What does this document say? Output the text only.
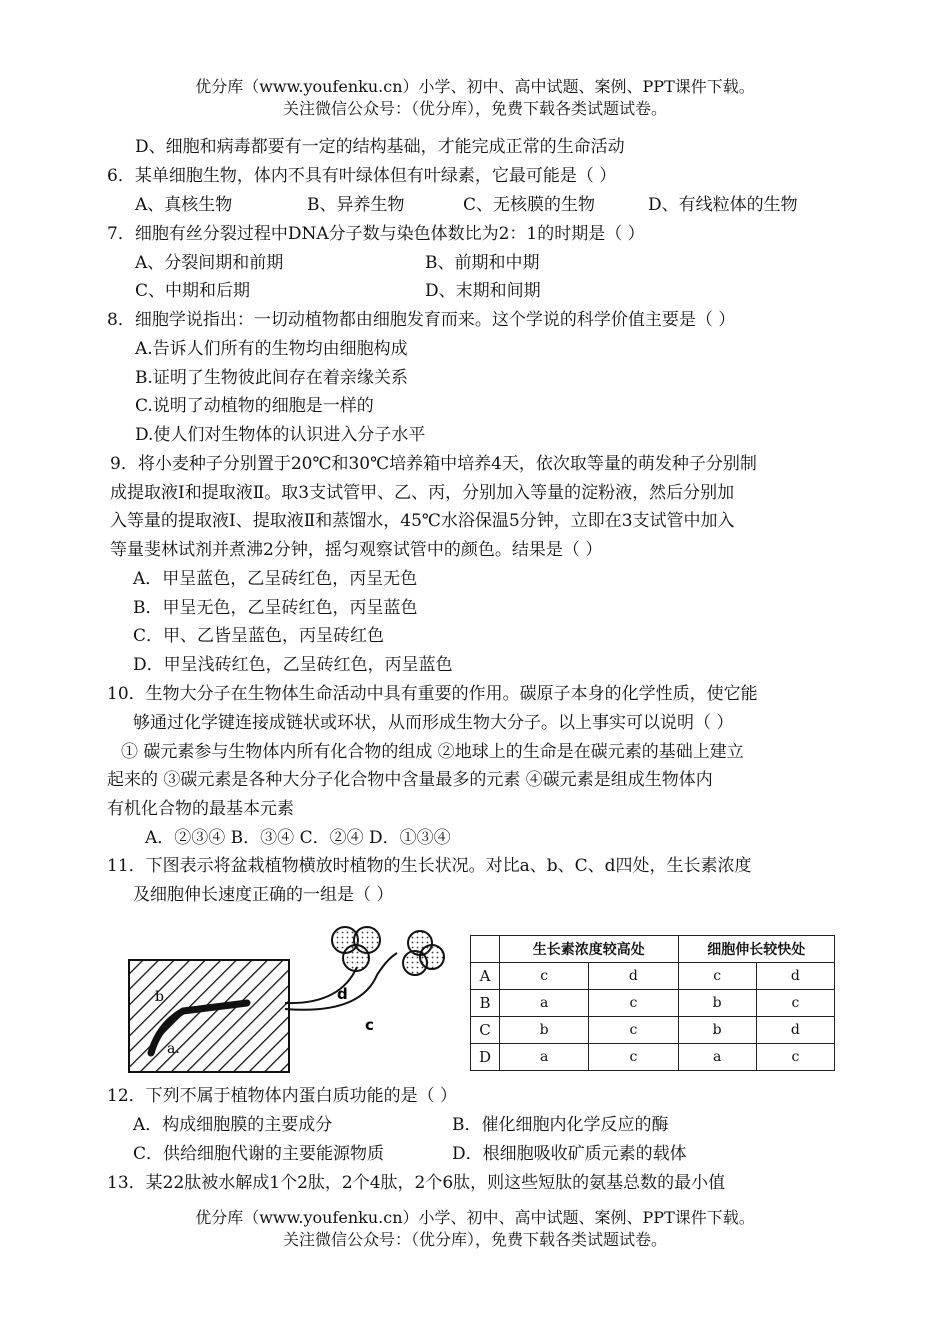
优分库（www.youfenku.cn）小学、初中、高中试题、案例、PPT课件下载。
关注微信公众号：（优分库），免费下载各类试题试卷。
D、细胞和病毒都要有一定的结构基础，才能完成正常的生命活动
6．某单细胞生物，体内不具有叶绿体但有叶绿素，它最可能是（ ）
A、真核生物	B、异养生物	C、无核膜的生物	D、有线粒体的生物
7．细胞有丝分裂过程中DNA分子数与染色体数比为2：1的时期是（ ）
A、分裂间期和前期	B、前期和中期
C、中期和后期	D、末期和间期
8．细胞学说指出：一切动植物都由细胞发育而来。这个学说的科学价值主要是（ ）
A.告诉人们所有的生物均由细胞构成
B.证明了生物彼此间存在着亲缘关系
C.说明了动植物的细胞是一样的
D.使人们对生物体的认识进入分子水平
9．将小麦种子分别置于20℃和30℃培养箱中培养4天，依次取等量的萌发种子分别制
成提取液Ⅰ和提取液Ⅱ。取3支试管甲、乙、丙，分别加入等量的淀粉液，然后分别加
入等量的提取液Ⅰ、提取液Ⅱ和蒸馏水，45℃水浴保温5分钟，立即在3支试管中加入
等量斐林试剂并煮沸2分钟，摇匀观察试管中的颜色。结果是（ ）
A．甲呈蓝色，乙呈砖红色，丙呈无色
B．甲呈无色，乙呈砖红色，丙呈蓝色
C．甲、乙皆呈蓝色，丙呈砖红色
D．甲呈浅砖红色，乙呈砖红色，丙呈蓝色
10．生物大分子在生物体生命活动中具有重要的作用。碳原子本身的化学性质，使它能
够通过化学键连接成链状或环状，从而形成生物大分子。以上事实可以说明（ ）
① 碳元素参与生物体内所有化合物的组成 ②地球上的生命是在碳元素的基础上建立
起来的 ③碳元素是各种大分子化合物中含量最多的元素 ④碳元素是组成生物体内
有机化合物的最基本元素
A．②③④ B．③④ C．②④ D．①③④
11．下图表示将盆栽植物横放时植物的生长状况。对比a、b、C、d四处，生长素浓度
及细胞伸长速度正确的一组是（ ）
b
a.
d
c
	生长素浓度较高处		细胞伸长较快处	
A	c	d	c	d
B	a	c	b	c
C	b	c	b	d
D	a	c	a	c
12．下列不属于植物体内蛋白质功能的是（ ）
A．构成细胞膜的主要成分	B．催化细胞内化学反应的酶
C．供给细胞代谢的主要能源物质	D．根细胞吸收矿质元素的载体
优分库（www.youfenku.cn）小学、初中、高中试题、案例、PPT课件下载。
关注微信公众号：（优分库），免费下载各类试题试卷。
13．某22肽被水解成1个2肽，2个4肽，2个6肽，则这些短肽的氨基总数的最小值
